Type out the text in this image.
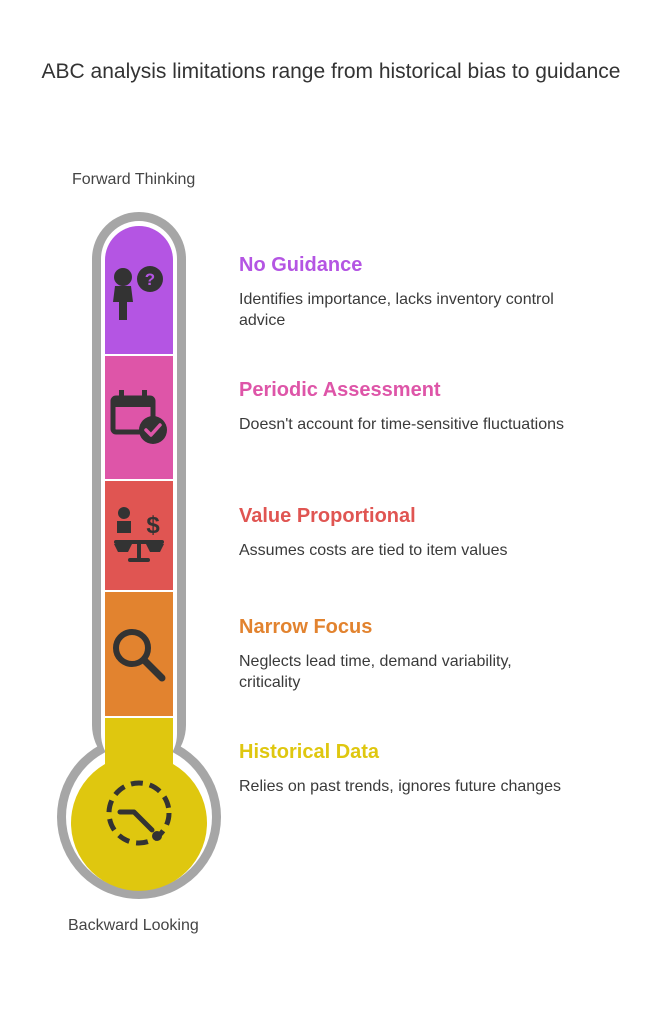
ABC analysis limitations range from historical bias to guidance
Forward Thinking
Backward Looking
?
$
No Guidance
Identifies importance, lacks inventory control advice
Periodic Assessment
Doesn't account for time-sensitive fluctuations
Value Proportional
Assumes costs are tied to item values
Narrow Focus
Neglects lead time, demand variability, criticality
Historical Data
Relies on past trends, ignores future changes
